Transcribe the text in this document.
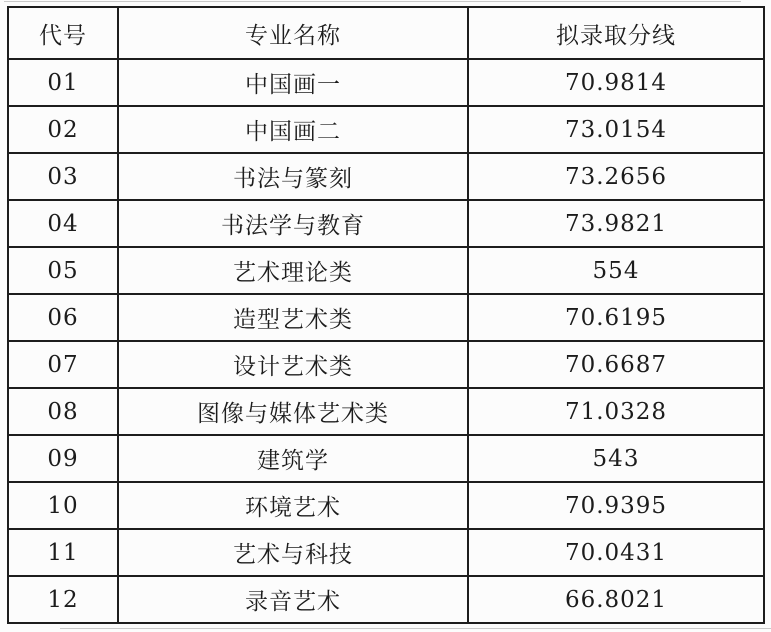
代号	专业名称	拟录取分线
01	中国画一	70.9814
02	中国画二	73.0154
03	书法与篆刻	73.2656
04	书法学与教育	73.9821
05	艺术理论类	554
06	造型艺术类	70.6195
07	设计艺术类	70.6687
08	图像与媒体艺术类	71.0328
09	建筑学	543
10	环境艺术	70.9395
11	艺术与科技	70.0431
12	录音艺术	66.8021
